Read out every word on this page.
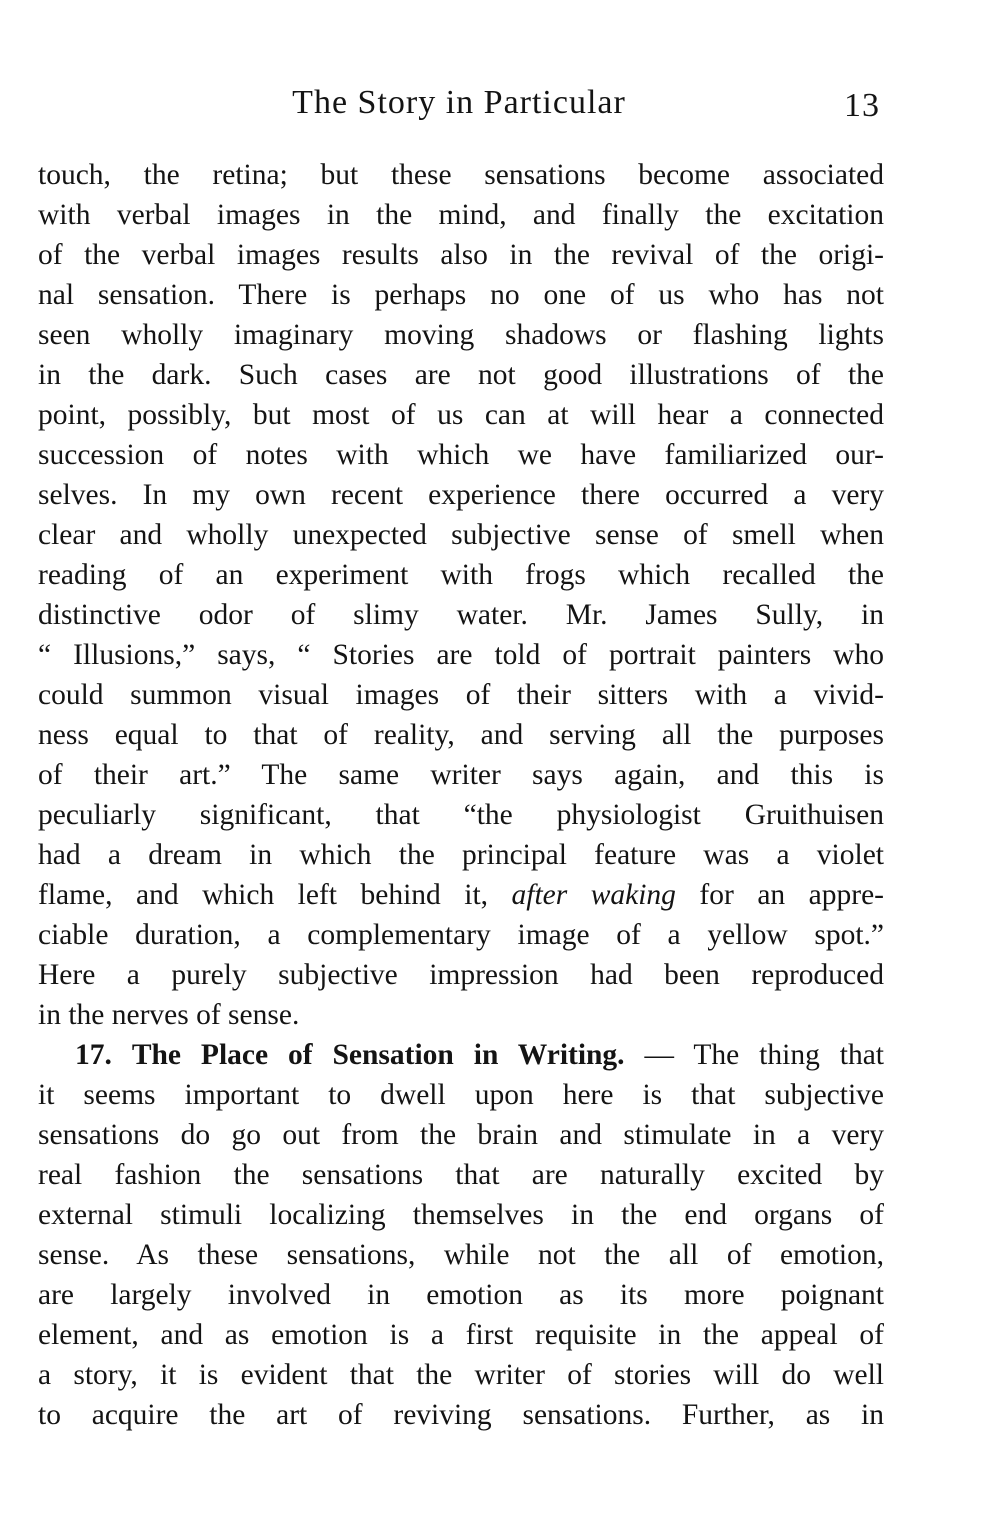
The Story in Particular	13
touch, the retina; but these sensations become associated
with verbal images in the mind, and finally the excitation
of the verbal images results also in the revival of the origi-
nal sensation. There is perhaps no one of us who has not
seen wholly imaginary moving shadows or flashing lights
in the dark. Such cases are not good illustrations of the
point, possibly, but most of us can at will hear a connected
succession of notes with which we have familiarized our-
selves. In my own recent experience there occurred a very
clear and wholly unexpected subjective sense of smell when
reading of an experiment with frogs which recalled the
distinctive odor of slimy water. Mr. James Sully, in
“ Illusions,” says, “ Stories are told of portrait painters who
could summon visual images of their sitters with a vivid-
ness equal to that of reality, and serving all the purposes
of their art.” The same writer says again, and this is
peculiarly significant, that “the physiologist Gruithuisen
had a dream in which the principal feature was a violet
flame, and which left behind it, after waking for an appre-
ciable duration, a complementary image of a yellow spot.”
Here a purely subjective impression had been reproduced
in the nerves of sense.
17. The Place of Sensation in Writing. — The thing that
it seems important to dwell upon here is that subjective
sensations do go out from the brain and stimulate in a very
real fashion the sensations that are naturally excited by
external stimuli localizing themselves in the end organs of
sense. As these sensations, while not the all of emotion,
are largely involved in emotion as its more poignant
element, and as emotion is a first requisite in the appeal of
a story, it is evident that the writer of stories will do well
to acquire the art of reviving sensations. Further, as in
